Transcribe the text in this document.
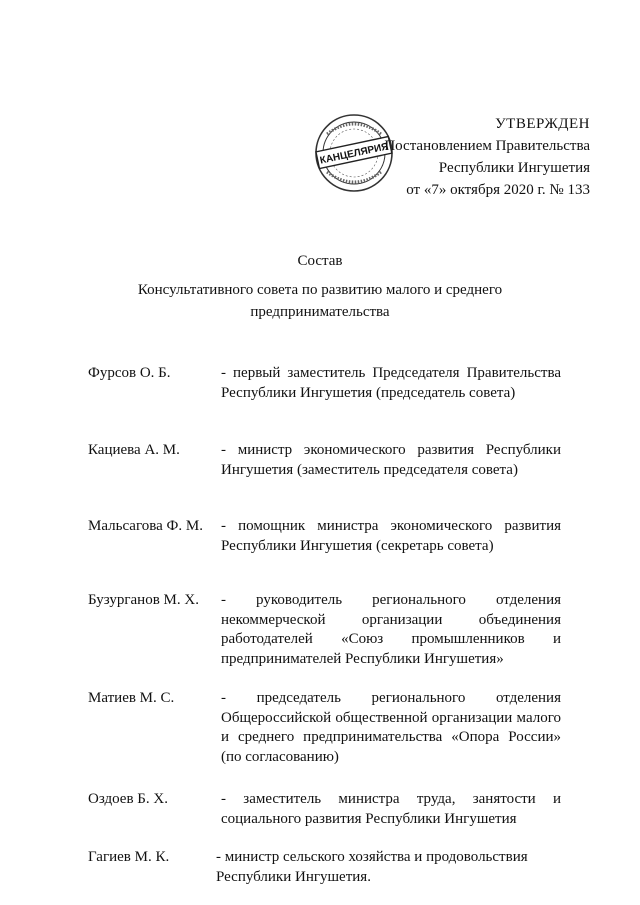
КАНЦЕЛЯРИЯ
УТВЕРЖДЕН
Постановлением Правительства
Республики Ингушетия
от «7» октября 2020 г. № 133
Состав
Консультативного совета по развитию малого и среднего
предпринимательства
Фурсов О. Б.	- первый заместитель Председателя Правительства Республики Ингушетия (председатель совета)
Кациева А. М.	- министр экономического развития Республики Ингушетия (заместитель председателя совета)
Мальсагова Ф. М. - помощник министра экономического развития Республики Ингушетия (секретарь совета)
Бузурганов М. Х. - руководитель регионального отделения некоммерческой организации объединения работодателей «Союз промышленников и предпринимателей Республики Ингушетия»
Матиев М. С.	- председатель регионального отделения Общероссийской общественной организации малого и среднего предпринимательства «Опора России» (по согласованию)
Оздоев Б. Х.	- заместитель министра труда, занятости и социального развития Республики Ингушетия
Гагиев М. К.	- министр сельского хозяйства и продовольствия Республики Ингушетия.
